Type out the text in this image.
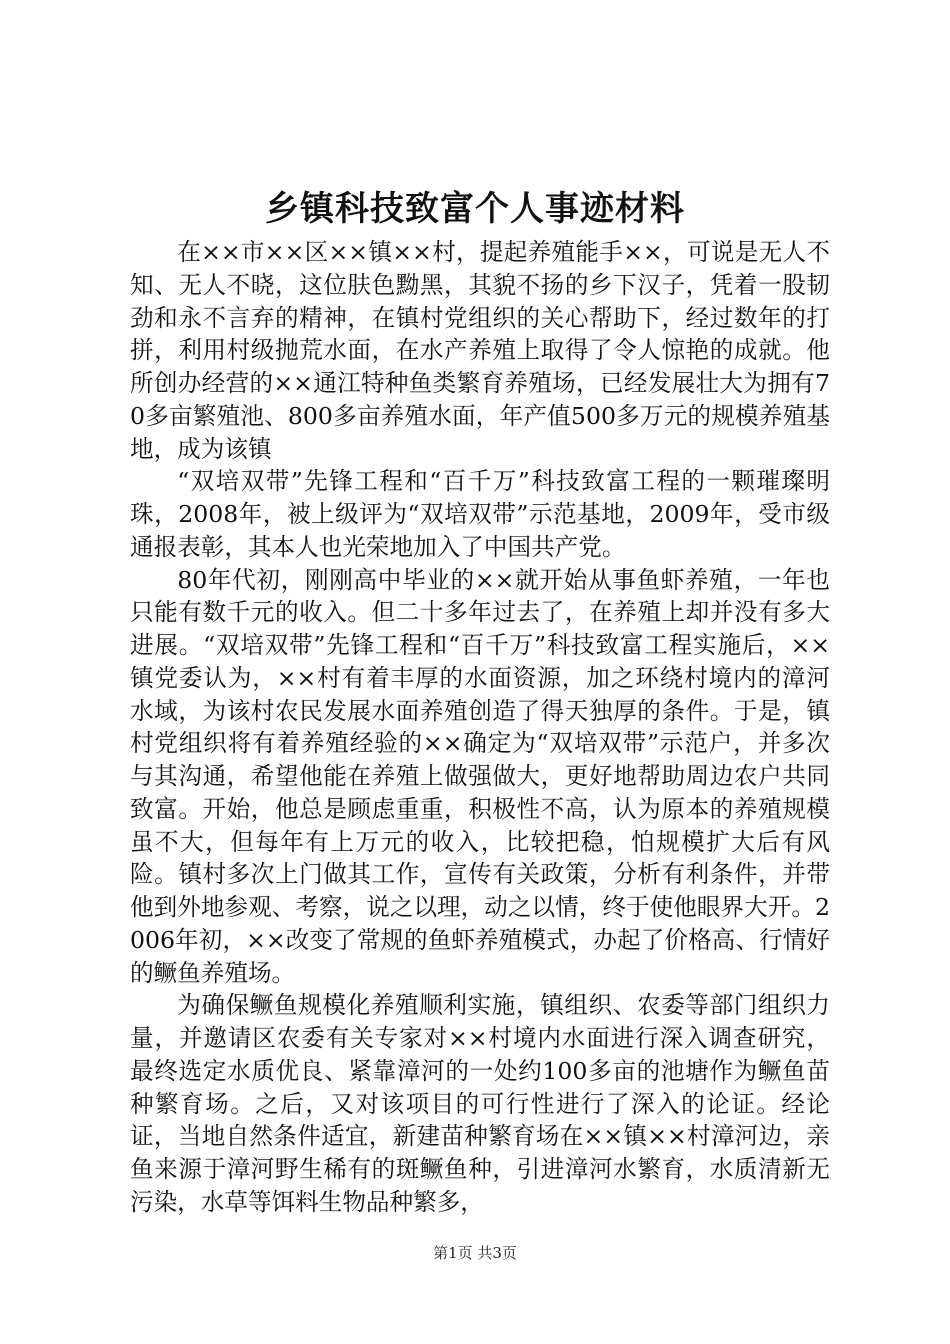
乡镇科技致富个人事迹材料

在××市××区××镇××村，提起养殖能手××，可说是无人不知、无人不晓，这位肤色黝黑，其貌不扬的乡下汉子，凭着一股韧劲和永不言弃的精神，在镇村党组织的关心帮助下，经过数年的打拼，利用村级抛荒水面，在水产养殖上取得了令人惊艳的成就。他所创办经营的××通江特种鱼类繁育养殖场，已经发展壮大为拥有70多亩繁殖池、800多亩养殖水面，年产值500多万元的规模养殖基地，成为该镇

“双培双带”先锋工程和“百千万”科技致富工程的一颗璀璨明珠，2008年，被上级评为“双培双带”示范基地，2009年，受市级通报表彰，其本人也光荣地加入了中国共产党。

80年代初，刚刚高中毕业的××就开始从事鱼虾养殖，一年也只能有数千元的收入。但二十多年过去了，在养殖上却并没有多大进展。“双培双带”先锋工程和“百千万”科技致富工程实施后，××镇党委认为，××村有着丰厚的水面资源，加之环绕村境内的漳河水域，为该村农民发展水面养殖创造了得天独厚的条件。于是，镇村党组织将有着养殖经验的××确定为“双培双带”示范户，并多次与其沟通，希望他能在养殖上做强做大，更好地帮助周边农户共同致富。开始，他总是顾虑重重，积极性不高，认为原本的养殖规模虽不大，但每年有上万元的收入，比较把稳，怕规模扩大后有风险。镇村多次上门做其工作，宣传有关政策，分析有利条件，并带他到外地参观、考察，说之以理，动之以情，终于使他眼界大开。2006年初，××改变了常规的鱼虾养殖模式，办起了价格高、行情好的鳜鱼养殖场。

为确保鳜鱼规模化养殖顺利实施，镇组织、农委等部门组织力量，并邀请区农委有关专家对××村境内水面进行深入调查研究，最终选定水质优良、紧靠漳河的一处约100多亩的池塘作为鳜鱼苗种繁育场。之后，又对该项目的可行性进行了深入的论证。经论证，当地自然条件适宜，新建苗种繁育场在××镇××村漳河边，亲鱼来源于漳河野生稀有的斑鳜鱼种，引进漳河水繁育，水质清新无污染，水草等饵料生物品种繁多，

第1页 共3页
